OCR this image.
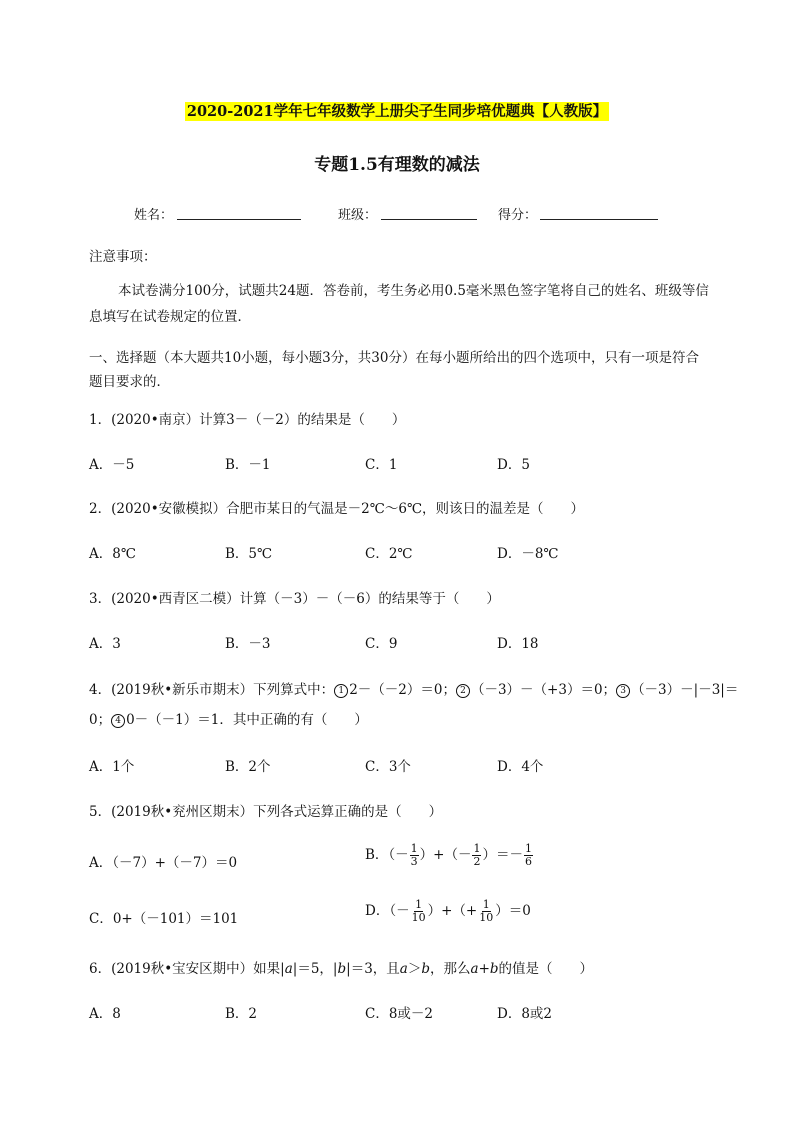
2020-2021学年七年级数学上册尖子生同步培优题典【人教版】
专题1.5有理数的减法
姓名：	班级：	得分：
注意事项：
本试卷满分100分，试题共24题．答卷前，考生务必用0.5毫米黑色签字笔将自己的姓名、班级等信
息填写在试卷规定的位置．
一、选择题（本大题共10小题，每小题3分，共30分）在每小题所给出的四个选项中，只有一项是符合
题目要求的．
1．(2020•南京）计算3－（－2）的结果是（　　）
A．－5	B．－1	C．1	D．5
2．(2020•安徽模拟）合肥市某日的气温是－2℃～6℃，则该日的温差是（　　）
A．8℃	B．5℃	C．2℃	D．－8℃
3．(2020•西青区二模）计算（－3）－（－6）的结果等于（　　）
A．3	B．－3	C．9	D．18
4．(2019秋•新乐市期末）下列算式中： 1 2－（－2）＝0； 2 （－3）－（+3）＝0； 3 （－3）－|－3|＝
0； 4 0－（－1）＝1．其中正确的有（　　）
A．1个	B．2个	C．3个	D．4个
5．(2019秋•兖州区期末）下列各式运算正确的是（　　）
A．（－7）+（－7）＝0	B．（－ $\frac{1}{3}$ ）+（－ $\frac{1}{2}$ ）＝－ $\frac{1}{6}$
C．0+（－101）＝101	D．（－ $\frac{1}{10}$ ）+（+ $\frac{1}{10} )=0$
6．(2019秋•宝安区期中）如果|a|＝5，|b|＝3，且a＞b，那么a+b的值是（　　）
A．8	B．2	C．8或－2	D．8或2
